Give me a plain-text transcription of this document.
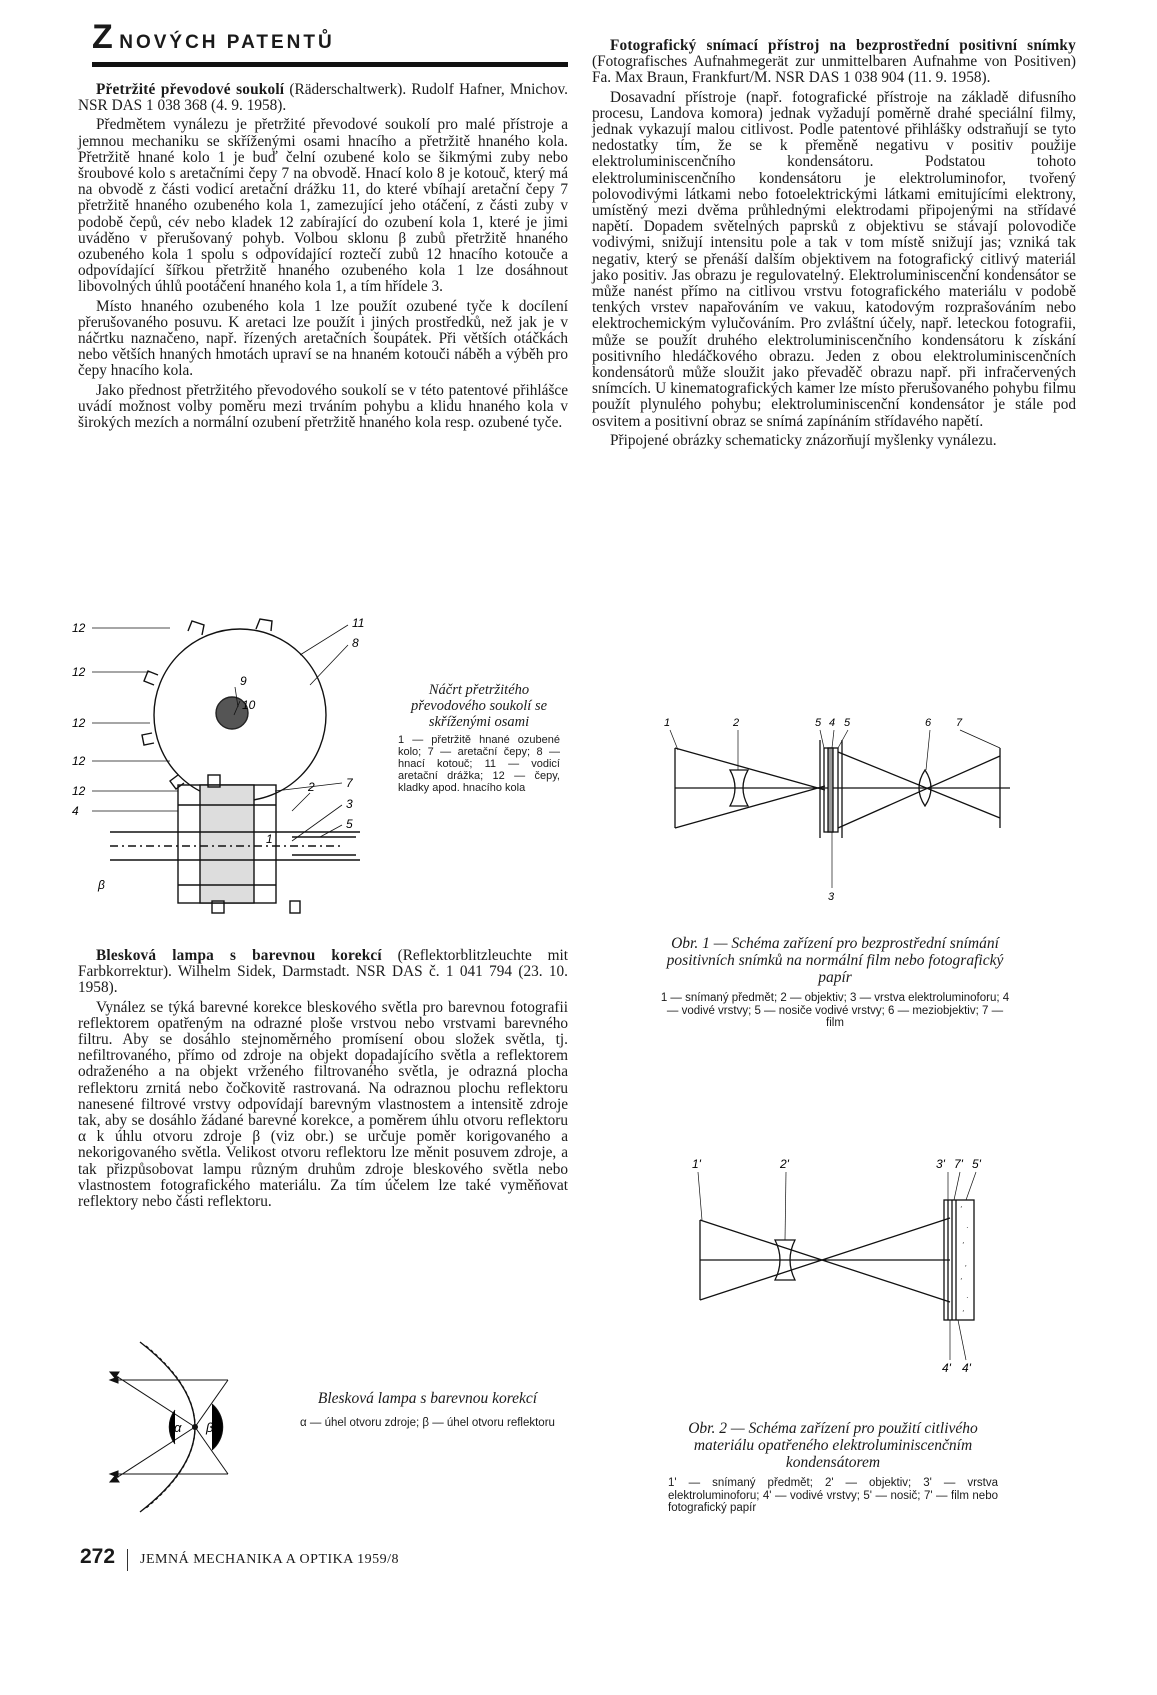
Z NOVÝCH PATENTŮ

Přetržité převodové soukolí (Räderschaltwerk). Rudolf Hafner, Mnichov. NSR DAS 1 038 368 (4. 9. 1958).

Předmětem vynálezu je přetržité převodové soukolí pro malé přístroje a jemnou mechaniku se skříženými osami hnacího a přetržitě hnaného kola. Přetržitě hnané kolo 1 je buď čelní ozubené kolo se šikmými zuby nebo šroubové kolo s aretačními čepy 7 na obvodě. Hnací kolo 8 je kotouč, který má na obvodě z části vodicí aretační drážku 11, do které vbíhají aretační čepy 7 přetržitě hnaného ozubeného kola 1, zamezující jeho otáčení, z části zuby v podobě čepů, cév nebo kladek 12 zabírající do ozubení kola 1, které je jimi uváděno v přerušovaný pohyb. Volbou sklonu β zubů přetržitě hnaného ozubeného kola 1 spolu s odpovídající roztečí zubů 12 hnacího kotouče a odpovídající šířkou přetržitě hnaného ozubeného kola 1 lze dosáhnout libovolných úhlů pootáčení hnaného kola 1, a tím hřídele 3.

Místo hnaného ozubeného kola 1 lze použít ozubené tyče k docílení přerušovaného posuvu. K aretaci lze použít i jiných prostředků, než jak je v náčrtku naznačeno, např. řízených aretačních šoupátek. Při větších otáčkách nebo větších hnaných hmotách upraví se na hnaném kotouči náběh a výběh pro čepy hnacího kola.

Jako přednost přetržitého převodového soukolí se v této patentové přihlášce uvádí možnost volby poměru mezi trváním pohybu a klidu hnaného kola v širokých mezích a normální ozubení přetržitě hnaného kola resp. ozubené tyče.

12
12
12
12
12
4
11
8
9
10
7
2
3
5
1
β
Náčrt přetržitého převodového soukolí se skříženými osami
1 — přetržitě hnané ozubené kolo; 7 — aretační čepy; 8 — hnací kotouč; 11 — vodicí aretační drážka; 12 — čepy, kladky apod. hnacího kola

Blesková lampa s barevnou korekcí (Reflektorblitzleuchte mit Farbkorrektur). Wilhelm Sidek, Darmstadt. NSR DAS č. 1 041 794 (23. 10. 1958).

Vynález se týká barevné korekce bleskového světla pro barevnou fotografii reflektorem opatřeným na odrazné ploše vrstvou nebo vrstvami barevného filtru. Aby se dosáhlo stejnoměrného promísení obou složek světla, tj. nefiltrovaného, přímo od zdroje na objekt dopadajícího světla a reflektorem odraženého a na objekt vrženého filtrovaného světla, je odrazná plocha reflektoru zrnitá nebo čočkovitě rastrovaná. Na odraznou plochu reflektoru nanesené filtrové vrstvy odpovídají barevným vlastnostem a intensitě zdroje tak, aby se dosáhlo žádané barevné korekce, a poměrem úhlu otvoru reflektoru α k úhlu otvoru zdroje β (viz obr.) se určuje poměr korigovaného a nekorigovaného světla. Velikost otvoru reflektoru lze měnit posuvem zdroje, a tak přizpůsobovat lampu různým druhům zdroje bleskového světla nebo vlastnostem fotografického materiálu. Za tím účelem lze také vyměňovat reflektory nebo části reflektoru.

α β
Blesková lampa s barevnou korekcí
α — úhel otvoru zdroje; β — úhel otvoru reflektoru

Fotografický snímací přístroj na bezprostřední positivní snímky (Fotografisches Aufnahmegerät zur unmittelbaren Aufnahme von Positiven) Fa. Max Braun, Frankfurt/M. NSR DAS 1 038 904 (11. 9. 1958).

Dosavadní přístroje (např. fotografické přístroje na základě difusního procesu, Landova komora) jednak vyžadují poměrně drahé speciální filmy, jednak vykazují malou citlivost. Podle patentové přihlášky odstraňují se tyto nedostatky tím, že se k přeměně negativu v positiv použije elektroluminiscenčního kondensátoru. Podstatou tohoto elektroluminiscenčního kondensátoru je elektroluminofor, tvořený polovodivými látkami nebo fotoelektrickými látkami emitujícími elektrony, umístěný mezi dvěma průhlednými elektrodami připojenými na střídavé napětí. Dopadem světelných paprsků z objektivu se stávají polovodiče vodivými, snižují intensitu pole a tak v tom místě snižují jas; vzniká tak negativ, který se přenáší dalším objektivem na fotografický citlivý materiál jako positiv. Jas obrazu je regulovatelný. Elektroluminiscenční kondensátor se může nanést přímo na citlivou vrstvu fotografického materiálu v podobě tenkých vrstev napařováním ve vakuu, katodovým rozprašováním nebo elektrochemickým vylučováním. Pro zvláštní účely, např. leteckou fotografii, může se použít druhého elektroluminiscenčního kondensátoru k získání positivního hledáčkového obrazu. Jeden z obou elektroluminiscenčních kondensátorů může sloužit jako převaděč obrazu např. při infračervených snímcích. U kinematografických kamer lze místo přerušovaného pohybu filmu použít plynulého pohybu; elektroluminiscenční kondensátor je stále pod osvitem a positivní obraz se snímá zapínáním střídavého napětí.

Připojené obrázky schematicky znázorňují myšlenky vynálezu.

1	2	5 4 5	6 7
3
Obr. 1 — Schéma zařízení pro bezprostřední snímání positivních snímků na normální film nebo fotografický papír
1 — snímaný předmět; 2 — objektiv; 3 — vrstva elektroluminoforu; 4 — vodivé vrstvy; 5 — nosiče vodivé vrstvy; 6 — meziobjektiv; 7 — film
'
·
'
,
'
·
'
1'	2'	3' 7' 5'
4' 4'
Obr. 2 — Schéma zařízení pro použití citlivého materiálu opatřeného elektroluminiscenčním kondensátorem
1' — snímaný předmět; 2' — objektiv; 3' — vrstva elektroluminoforu; 4' — vodivé vrstvy; 5' — nosič; 7' — film nebo fotografický papír
272 JEMNÁ MECHANIKA A OPTIKA 1959/8
